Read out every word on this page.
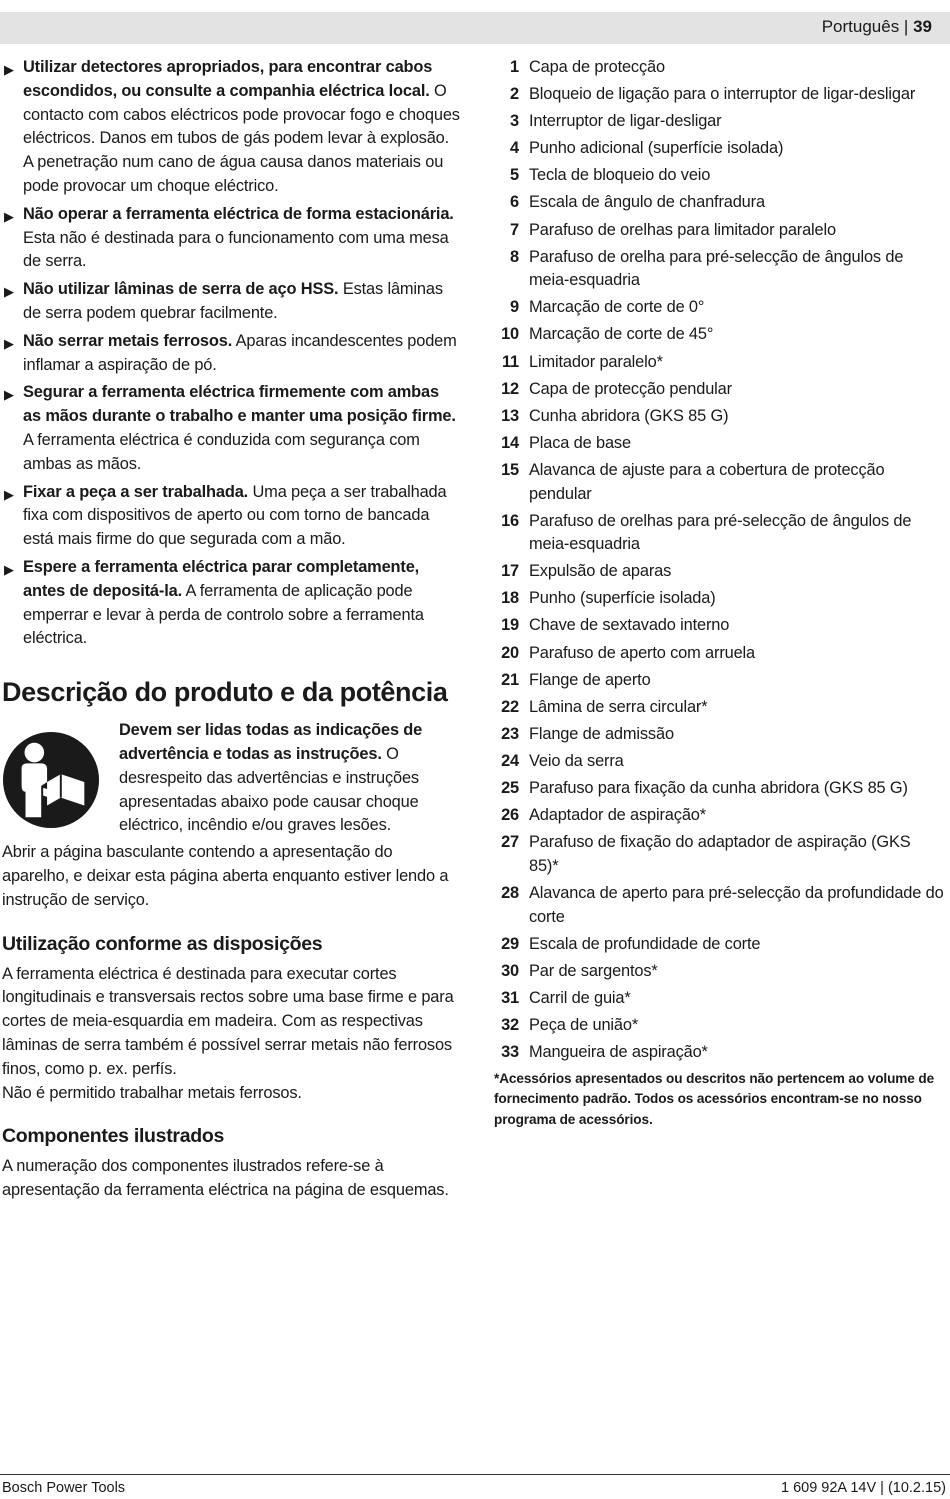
Português | 39
▶ Utilizar detectores apropriados, para encontrar cabos escondidos, ou consulte a companhia eléctrica local. O contacto com cabos eléctricos pode provocar fogo e choques eléctricos. Danos em tubos de gás podem levar à explosão. A penetração num cano de água causa danos materiais ou pode provocar um choque eléctrico.
▶ Não operar a ferramenta eléctrica de forma estacionária. Esta não é destinada para o funcionamento com uma mesa de serra.
▶ Não utilizar lâminas de serra de aço HSS. Estas lâminas de serra podem quebrar facilmente.
▶ Não serrar metais ferrosos. Aparas incandescentes podem inflamar a aspiração de pó.
▶ Segurar a ferramenta eléctrica firmemente com ambas as mãos durante o trabalho e manter uma posição firme. A ferramenta eléctrica é conduzida com segurança com ambas as mãos.
▶ Fixar a peça a ser trabalhada. Uma peça a ser trabalhada fixa com dispositivos de aperto ou com torno de bancada está mais firme do que segurada com a mão.
▶ Espere a ferramenta eléctrica parar completamente, antes de depositá-la. A ferramenta de aplicação pode emperrar e levar à perda de controlo sobre a ferramenta eléctrica.
Descrição do produto e da potência
Devem ser lidas todas as indicações de advertência e todas as instruções. O desrespeito das advertências e instruções apresentadas abaixo pode causar choque eléctrico, incêndio e/ou graves lesões.

Abrir a página basculante contendo a apresentação do aparelho, e deixar esta página aberta enquanto estiver lendo a instrução de serviço.

Utilização conforme as disposições

A ferramenta eléctrica é destinada para executar cortes longitudinais e transversais rectos sobre uma base firme e para cortes de meia-esquardia em madeira. Com as respectivas lâminas de serra também é possível serrar metais não ferrosos finos, como p. ex. perfís.

Não é permitido trabalhar metais ferrosos.

Componentes ilustrados

A numeração dos componentes ilustrados refere-se à apresentação da ferramenta eléctrica na página de esquemas.

1 Capa de protecção
2 Bloqueio de ligação para o interruptor de ligar-desligar
3 Interruptor de ligar-desligar
4 Punho adicional (superfície isolada)
5 Tecla de bloqueio do veio
6 Escala de ângulo de chanfradura
7 Parafuso de orelhas para limitador paralelo
8 Parafuso de orelha para pré-selecção de ângulos de meia-esquadria
9 Marcação de corte de 0°
10 Marcação de corte de 45°
11 Limitador paralelo*
12 Capa de protecção pendular
13 Cunha abridora (GKS 85 G)
14 Placa de base
15 Alavanca de ajuste para a cobertura de protecção pendular
16 Parafuso de orelhas para pré-selecção de ângulos de meia-esquadria
17 Expulsão de aparas
18 Punho (superfície isolada)
19 Chave de sextavado interno
20 Parafuso de aperto com arruela
21 Flange de aperto
22 Lâmina de serra circular*
23 Flange de admissão
24 Veio da serra
25 Parafuso para fixação da cunha abridora (GKS 85 G)
26 Adaptador de aspiração*
27 Parafuso de fixação do adaptador de aspiração (GKS 85)*
28 Alavanca de aperto para pré-selecção da profundidade do corte
29 Escala de profundidade de corte
30 Par de sargentos*
31 Carril de guia*
32 Peça de união*
33 Mangueira de aspiração*
*Acessórios apresentados ou descritos não pertencem ao volume de fornecimento padrão. Todos os acessórios encontram-se no nosso programa de acessórios.
Bosch Power Tools	1 609 92A 14V | (10.2.15)
